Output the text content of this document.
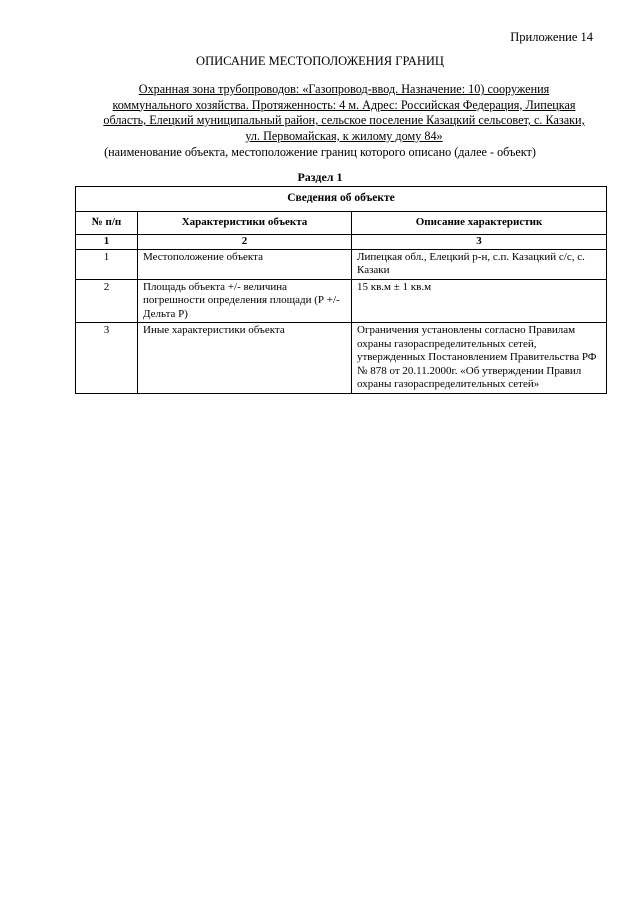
Приложение 14
ОПИСАНИЕ МЕСТОПОЛОЖЕНИЯ ГРАНИЦ
Охранная зона трубопроводов: «Газопровод-ввод. Назначение: 10) сооружения
коммунального хозяйства. Протяженность: 4 м. Адрес: Российская Федерация, Липецкая
область, Елецкий муниципальный район, сельское поселение Казацкий сельсовет, с. Казаки,
ул. Первомайская, к жилому дому 84»
(наименование объекта, местоположение границ которого описано (далее - объект)
Раздел 1
Сведения об объекте		
№ п/п	Характеристики объекта	Описание характеристик
1	2	3
1	Местоположение объекта	Липецкая обл., Елецкий р-н, с.п. Казацкий с/с, с. Казаки
2	Площадь объекта +/- величина погрешности определения площади (Р +/- Дельта Р)	15 кв.м ± 1 кв.м
3	Иные характеристики объекта	Ограничения установлены согласно Правилам охраны газораспределительных сетей, утвержденных Постановлением Правительства РФ № 878 от 20.11.2000г. «Об утверждении Правил охраны газораспределительных сетей»
